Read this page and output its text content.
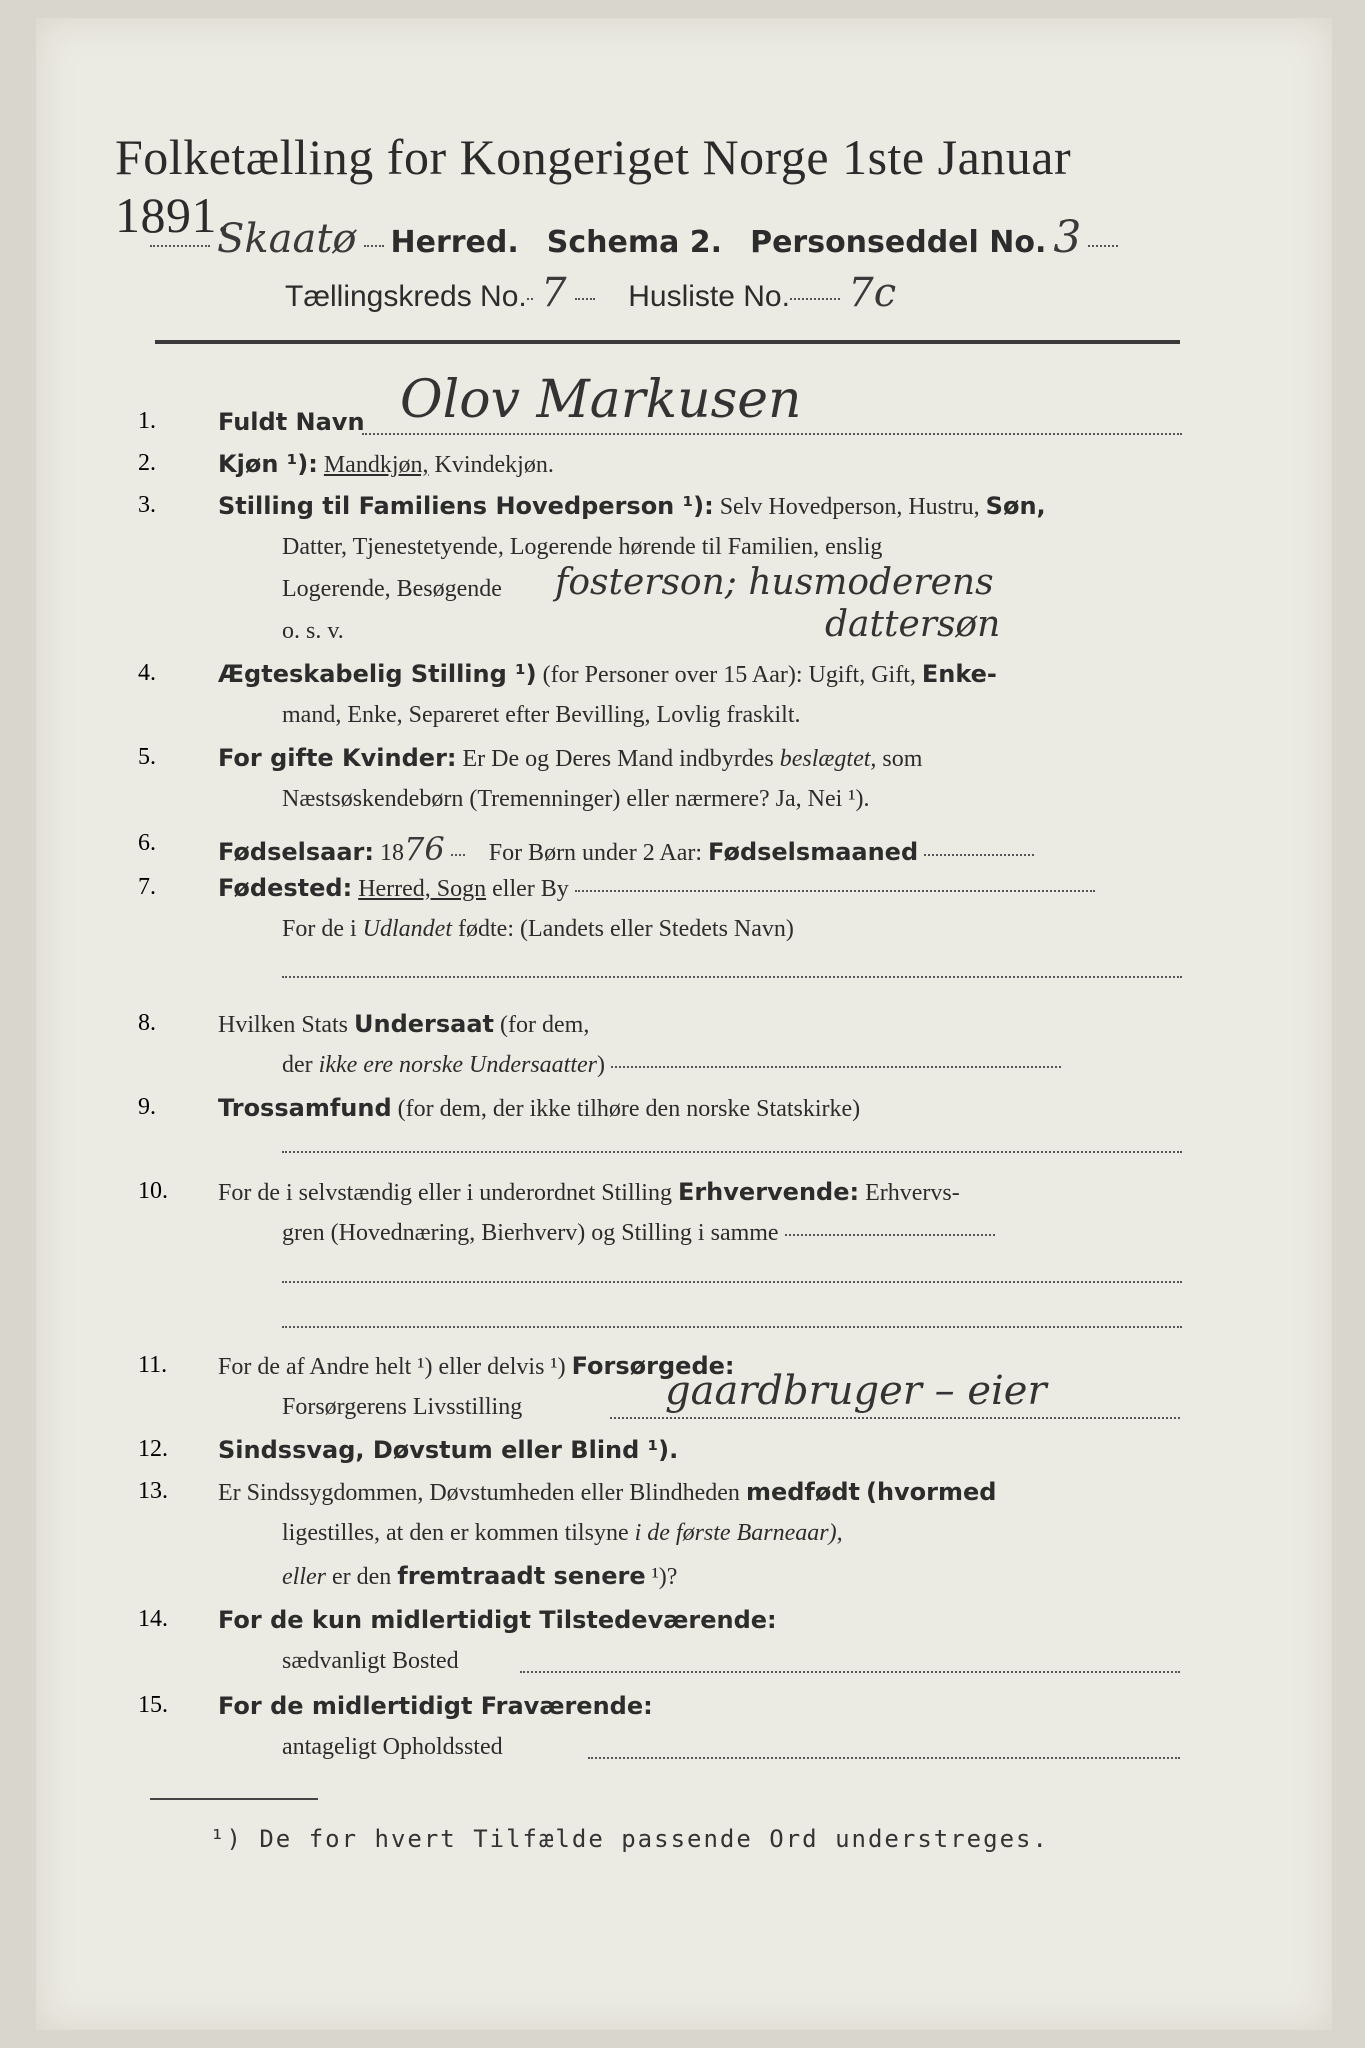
Folketælling for Kongeriget Norge 1ste Januar 1891.
Skaatø Herred. Schema 2. Personseddel No. 3
Tællingskreds No. 7 Husliste No. 7c
1.	Fuldt Navn Olov Markusen
2.	Kjøn ¹): Mandkjøn, Kvindekjøn.
3.	Stilling til Familiens Hovedperson ¹): Selv Hovedperson, Hustru, Søn,
Datter, Tjenestetyende, Logerende hørende til Familien, enslig
Logerende, Besøgende fosterson; husmoderens
o. s. v.	dattersøn
4.	Ægteskabelig Stilling ¹) (for Personer over 15 Aar): Ugift, Gift, Enke-
mand, Enke, Separeret efter Bevilling, Lovlig fraskilt.
5.	For gifte Kvinder: Er De og Deres Mand indbyrdes beslægtet, som
Næstsøskendebørn (Tremenninger) eller nærmere? Ja, Nei ¹).
6.	Fødselsaar: 1876 For Børn under 2 Aar: Fødselsmaaned
7.	Fødested: Herred, Sogn eller By
For de i Udlandet fødte: (Landets eller Stedets Navn)
8.	Hvilken Stats Undersaat (for dem,
der ikke ere norske Undersaatter)
9.	Trossamfund (for dem, der ikke tilhøre den norske Statskirke)
10. For de i selvstændig eller i underordnet Stilling Erhvervende: Erhvervs-
gren (Hovednæring, Bierhverv) og Stilling i samme
11. For de af Andre helt ¹) eller delvis ¹) Forsørgede:
Forsørgerens Livsstilling	gaardbruger – eier
12. Sindssvag, Døvstum eller Blind ¹).
13. Er Sindssygdommen, Døvstumheden eller Blindheden medfødt (hvormed
ligestilles, at den er kommen tilsyne i de første Barneaar),
eller er den fremtraadt senere ¹)?
14. For de kun midlertidigt Tilstedeværende:
sædvanligt Bosted
15. For de midlertidigt Fraværende:
antageligt Opholdssted
¹) De for hvert Tilfælde passende Ord understreges.
